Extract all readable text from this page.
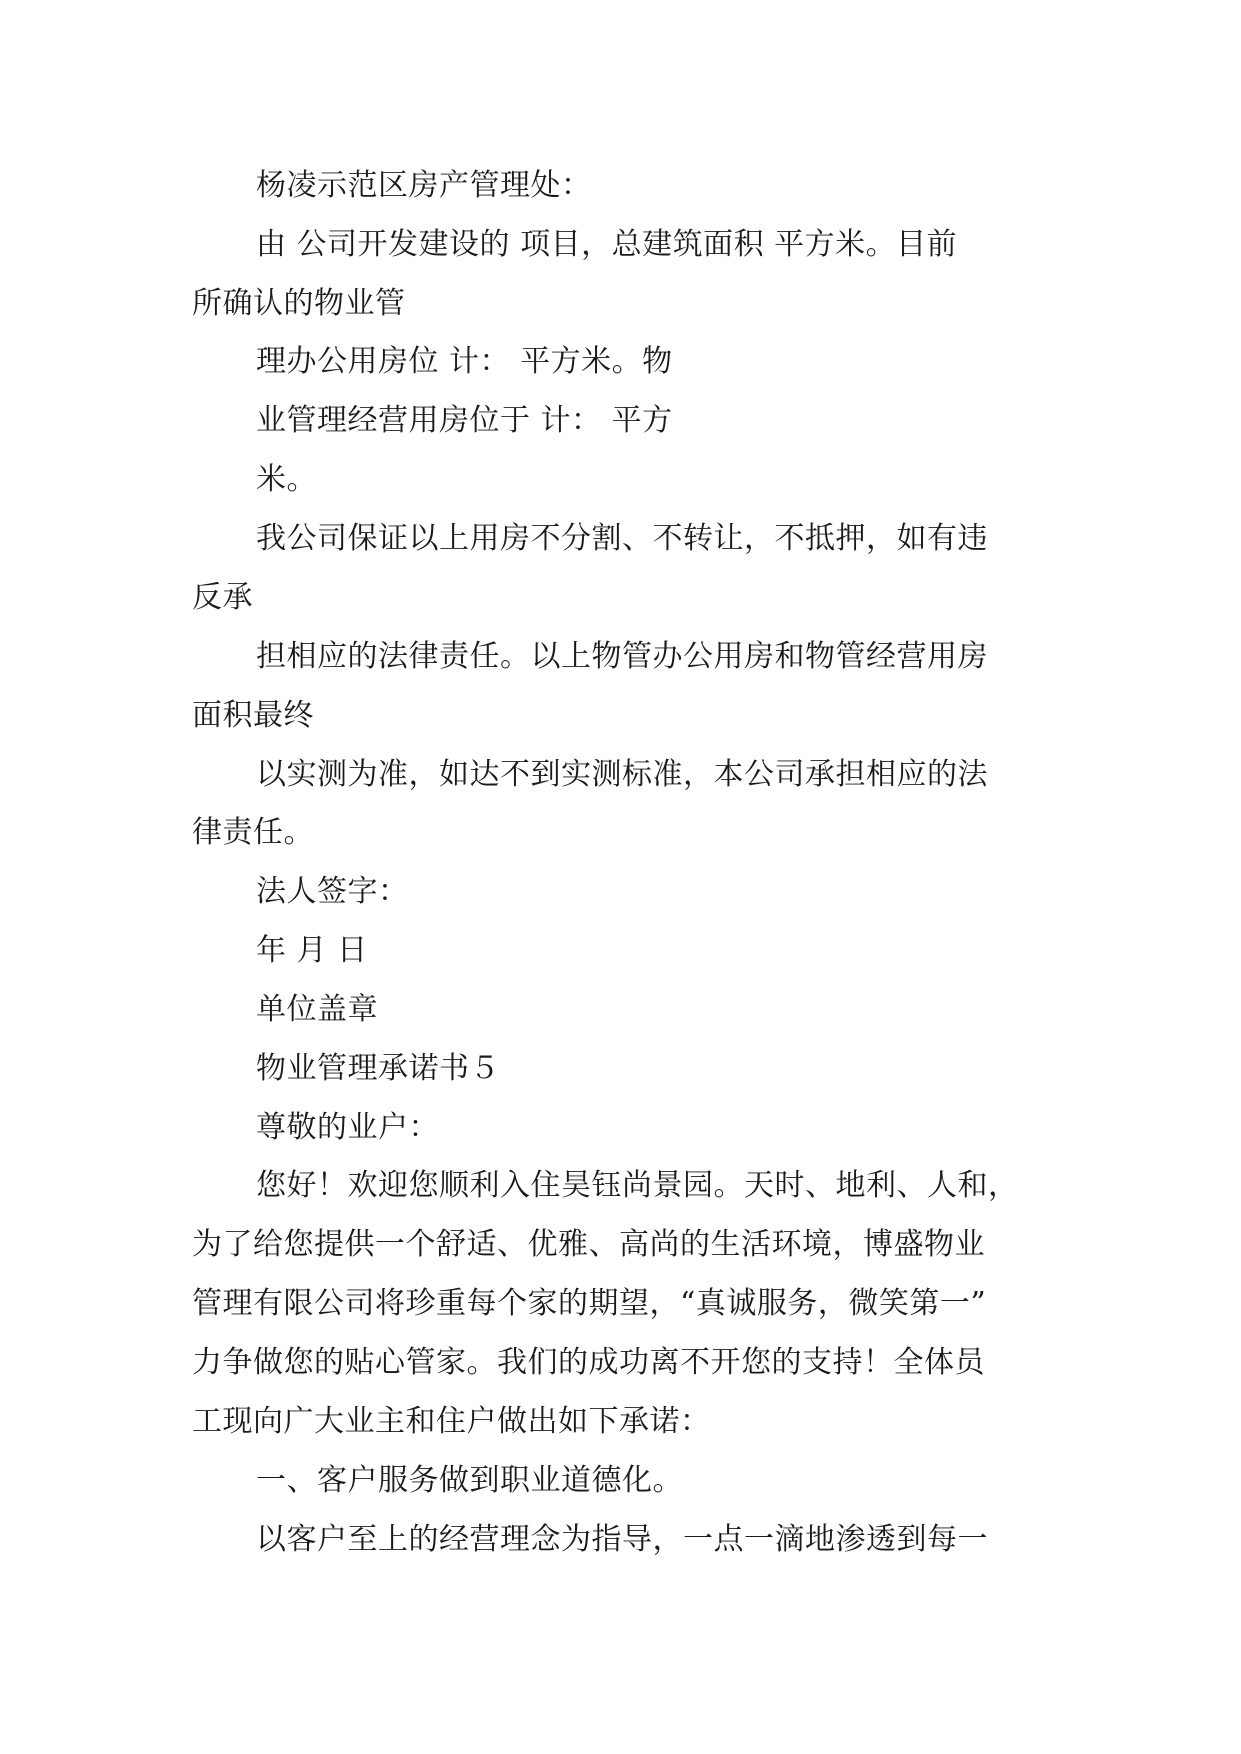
杨凌示范区房产管理处：

由 公司开发建设的 项目，总建筑面积 平方米。目前

所确认的物业管

理办公用房位 计： 平方米。物

业管理经营用房位于 计： 平方

米。

我公司保证以上用房不分割、不转让，不抵押，如有违

反承

担相应的法律责任。以上物管办公用房和物管经营用房

面积最终

以实测为准，如达不到实测标准，本公司承担相应的法

律责任。

法人签字：

年 月 日

单位盖章

物业管理承诺书５

尊敬的业户：

您好！欢迎您顺利入住昊钰尚景园。天时、地利、人和，

为了给您提供一个舒适、优雅、高尚的生活环境，博盛物业

管理有限公司将珍重每个家的期望，“真诚服务，微笑第一”

力争做您的贴心管家。我们的成功离不开您的支持！全体员

工现向广大业主和住户做出如下承诺：

一、客户服务做到职业道德化。

以客户至上的经营理念为指导，一点一滴地渗透到每一
